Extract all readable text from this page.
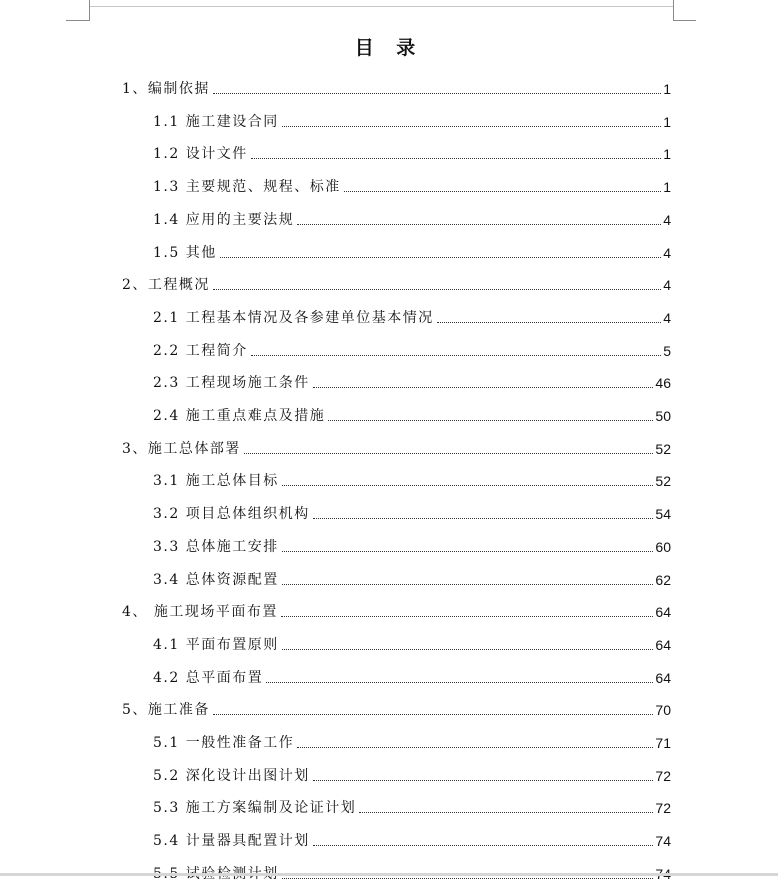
目 录
1、编制依据	1
1.1 施工建设合同	1
1.2 设计文件	1
1.3 主要规范、规程、标准	1
1.4 应用的主要法规	4
1.5 其他	4
2、工程概况	4
2.1 工程基本情况及各参建单位基本情况	4
2.2 工程简介	5
2.3 工程现场施工条件	46
2.4 施工重点难点及措施	50
3、施工总体部署	52
3.1 施工总体目标	52
3.2 项目总体组织机构	54
3.3 总体施工安排	60
3.4 总体资源配置	62
4、 施工现场平面布置	64
4.1 平面布置原则	64
4.2 总平面布置	64
5、施工准备	70
5.1 一般性准备工作	71
5.2 深化设计出图计划	72
5.3 施工方案编制及论证计划	72
5.4 计量器具配置计划	74
